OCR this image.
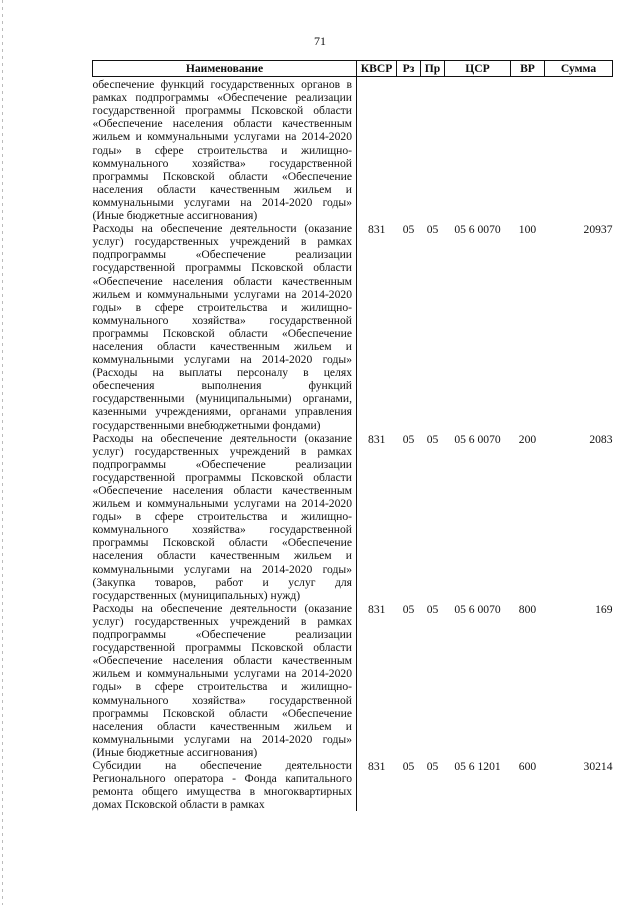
71
Наименование	КВСР	Рз	Пр	ЦСР	ВР	Сумма
обеспечение функций государственных органов в рамках подпрограммы «Обеспечение реализации государственной программы Псковской области «Обеспечение населения области качественным жильем и коммунальными услугами на 2014-2020 годы» в сфере строительства и жилищно-коммунального хозяйства» государственной программы Псковской области «Обеспечение населения области качественным жильем и коммунальными услугами на 2014-2020 годы» (Иные бюджетные ассигнования)						
Расходы на обеспечение деятельности (оказание услуг) государственных учреждений в рамках подпрограммы «Обеспечение реализации государственной программы Псковской области «Обеспечение населения области качественным жильем и коммунальными услугами на 2014-2020 годы» в сфере строительства и жилищно-коммунального хозяйства» государственной программы Псковской области «Обеспечение населения области качественным жильем и коммунальными услугами на 2014-2020 годы» (Расходы на выплаты персоналу в целях обеспечения выполнения функций государственными (муниципальными) органами, казенными учреждениями, органами управления государственными внебюджетными фондами)	831	05	05	05 6 0070	100	20937
Расходы на обеспечение деятельности (оказание услуг) государственных учреждений в рамках подпрограммы «Обеспечение реализации государственной программы Псковской области «Обеспечение населения области качественным жильем и коммунальными услугами на 2014-2020 годы» в сфере строительства и жилищно-коммунального хозяйства» государственной программы Псковской области «Обеспечение населения области качественным жильем и коммунальными услугами на 2014-2020 годы» (Закупка товаров, работ и услуг для государственных (муниципальных) нужд)	831	05	05	05 6 0070	200	2083
Расходы на обеспечение деятельности (оказание услуг) государственных учреждений в рамках подпрограммы «Обеспечение реализации государственной программы Псковской области «Обеспечение населения области качественным жильем и коммунальными услугами на 2014-2020 годы» в сфере строительства и жилищно-коммунального хозяйства» государственной программы Псковской области «Обеспечение населения области качественным жильем и коммунальными услугами на 2014-2020 годы» (Иные бюджетные ассигнования)	831	05	05	05 6 0070	800	169
Субсидии на обеспечение деятельности Регионального оператора - Фонда капитального ремонта общего имущества в многоквартирных домах Псковской области в рамках	831	05	05	05 6 1201	600	30214
